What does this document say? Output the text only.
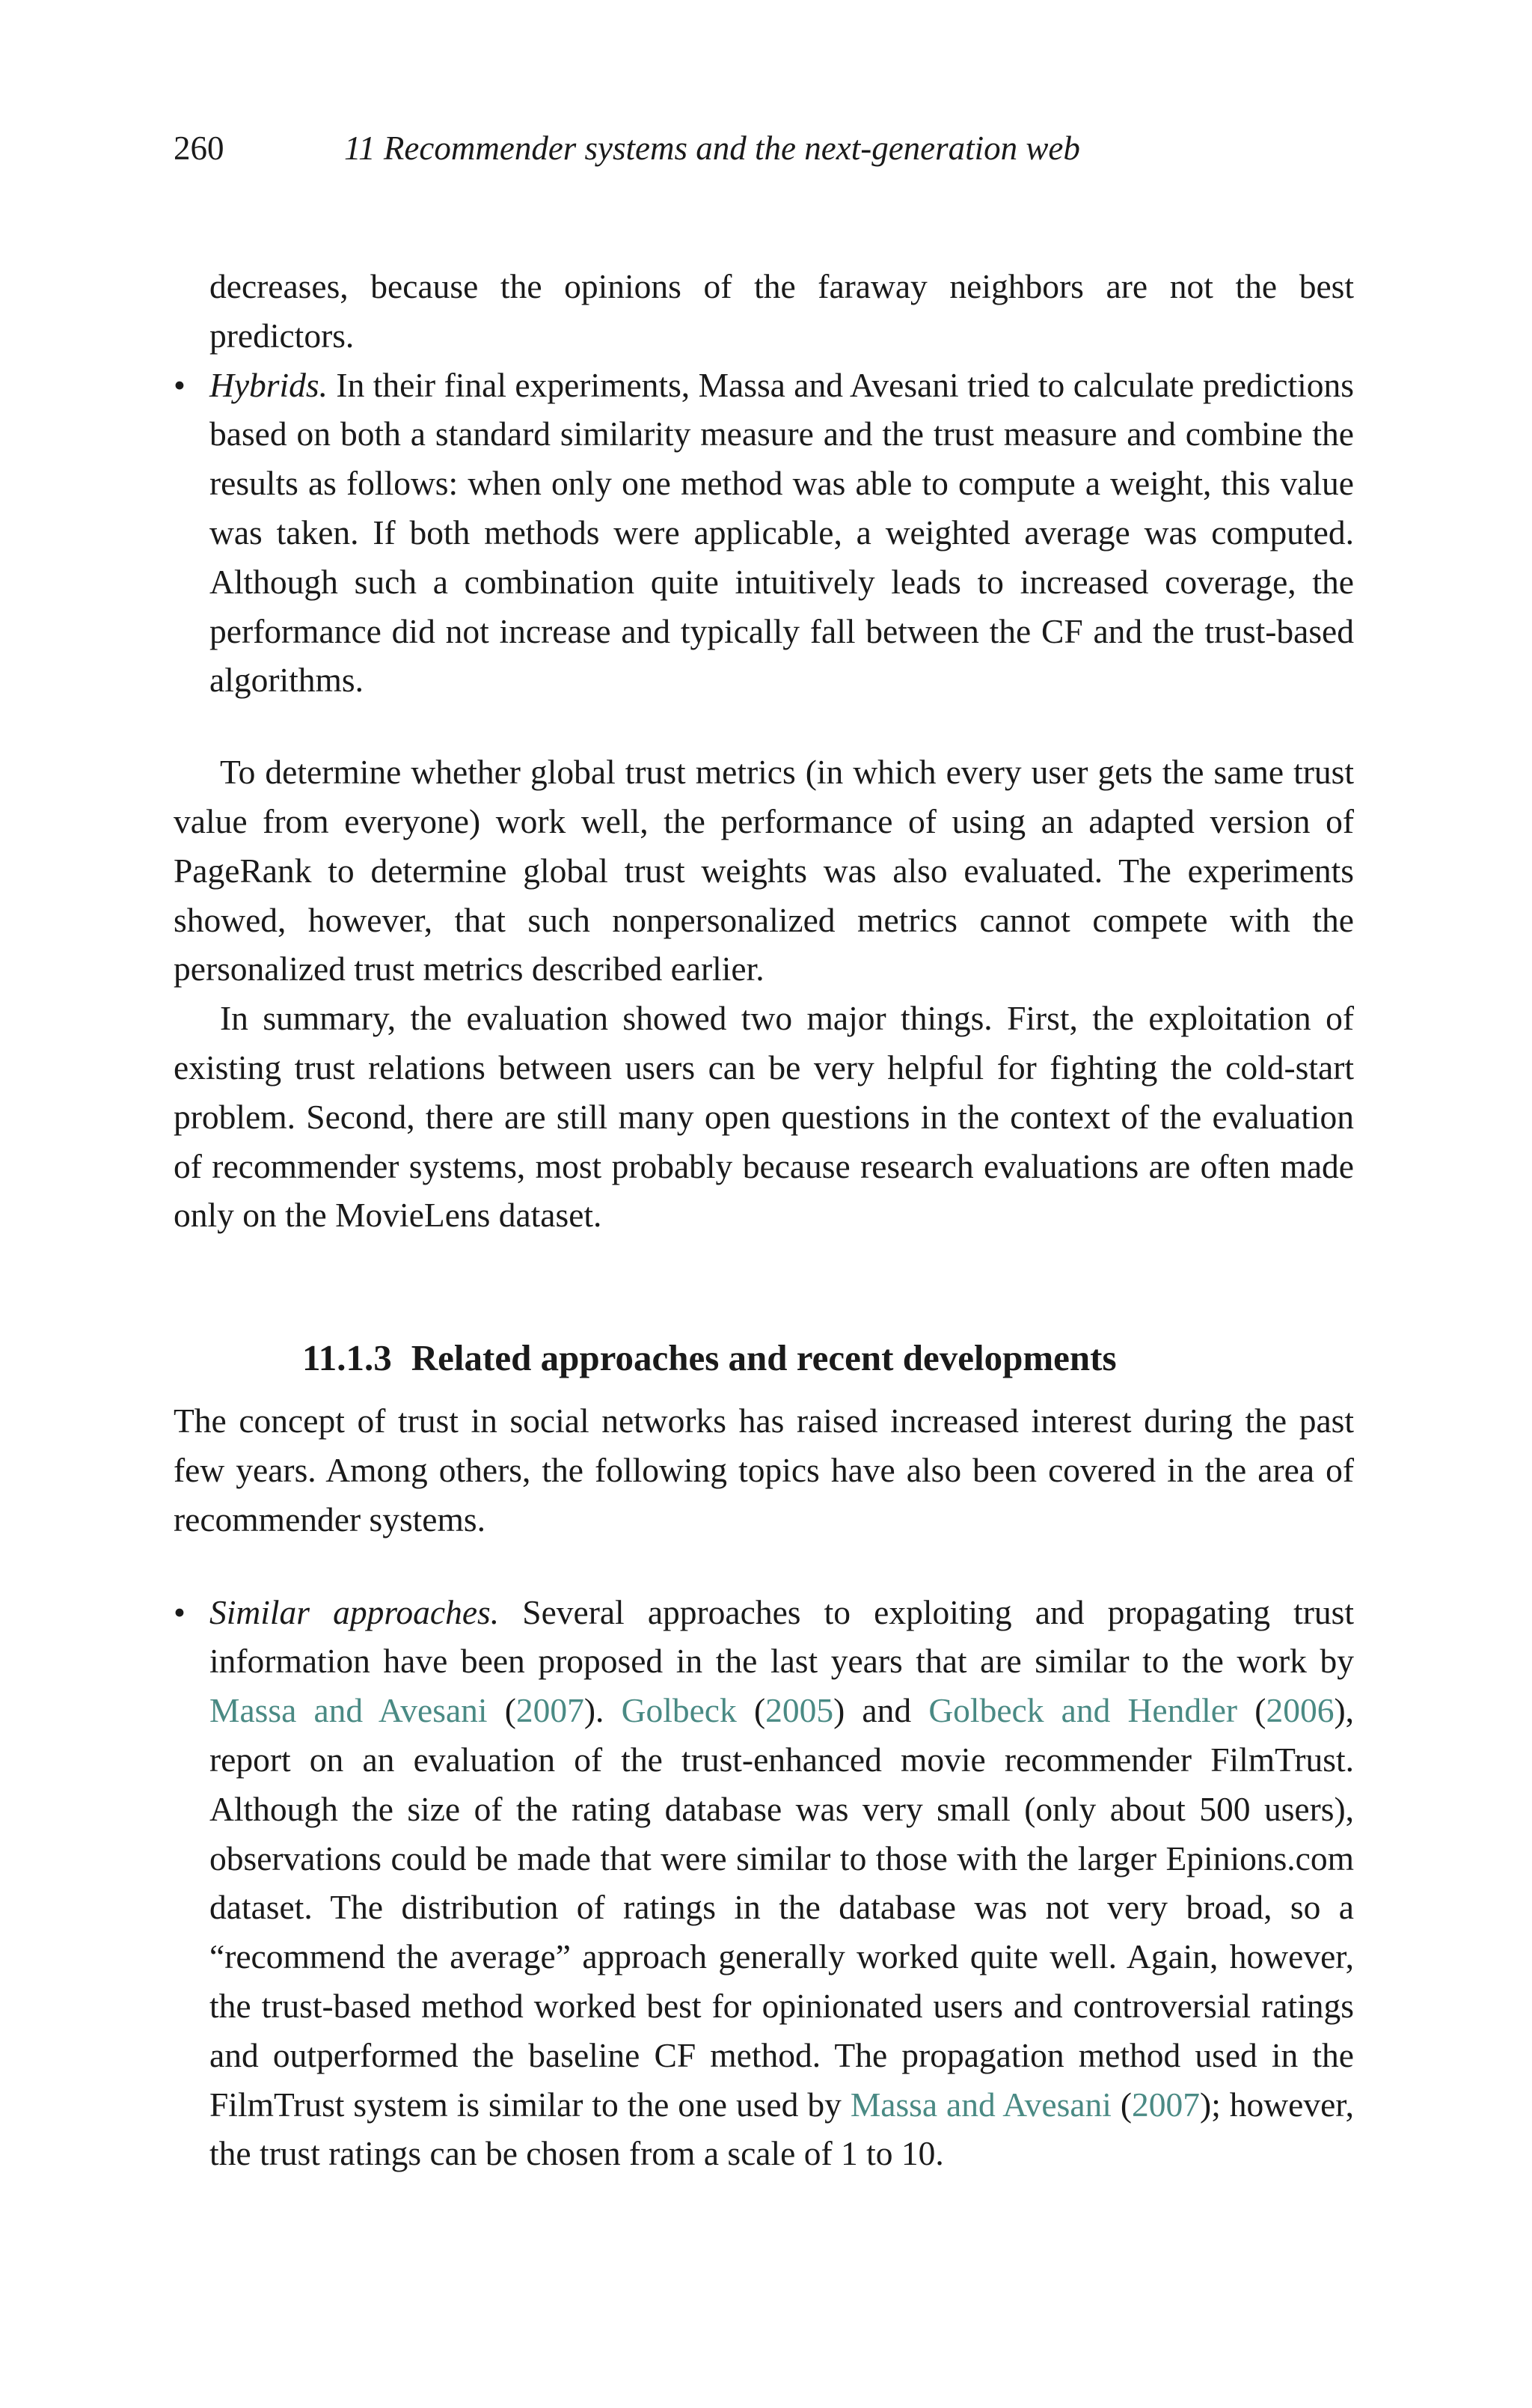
260	11 Recommender systems and the next-generation web

decreases, because the opinions of the faraway neighbors are not the best predictors.

• Hybrids. In their final experiments, Massa and Avesani tried to calculate predictions based on both a standard similarity measure and the trust measure and combine the results as follows: when only one method was able to compute a weight, this value was taken. If both methods were applicable, a weighted average was computed. Although such a combination quite intuitively leads to increased coverage, the performance did not increase and typically fall between the CF and the trust-based algorithms.

To determine whether global trust metrics (in which every user gets the same trust value from everyone) work well, the performance of using an adapted version of PageRank to determine global trust weights was also evaluated. The experiments showed, however, that such nonpersonalized metrics cannot compete with the personalized trust metrics described earlier.

In summary, the evaluation showed two major things. First, the exploitation of existing trust relations between users can be very helpful for fighting the cold-start problem. Second, there are still many open questions in the context of the evaluation of recommender systems, most probably because research evaluations are often made only on the MovieLens dataset.

11.1.3 Related approaches and recent developments

The concept of trust in social networks has raised increased interest during the past few years. Among others, the following topics have also been covered in the area of recommender systems.

• Similar approaches. Several approaches to exploiting and propagating trust information have been proposed in the last years that are similar to the work by Massa and Avesani (2007). Golbeck (2005) and Golbeck and Hendler (2006), report on an evaluation of the trust-enhanced movie recommender FilmTrust. Although the size of the rating database was very small (only about 500 users), observations could be made that were similar to those with the larger Epinions.com dataset. The distribution of ratings in the database was not very broad, so a “recommend the average” approach generally worked quite well. Again, however, the trust-based method worked best for opinionated users and controversial ratings and outperformed the baseline CF method. The propagation method used in the FilmTrust system is similar to the one used by Massa and Avesani (2007); however, the trust ratings can be chosen from a scale of 1 to 10.
